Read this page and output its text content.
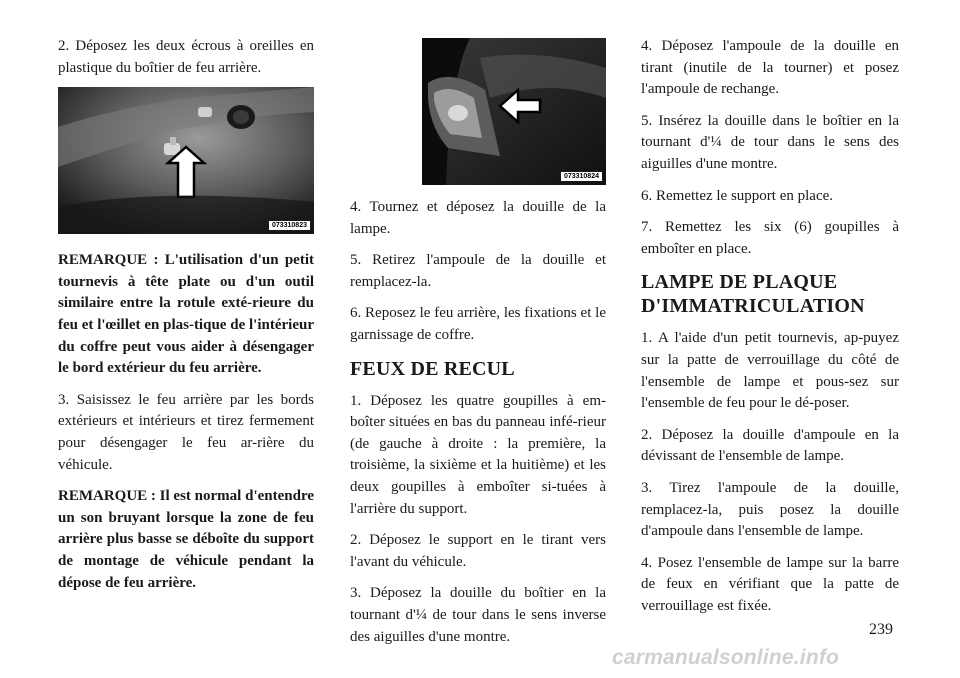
2. Déposez les deux écrous à oreilles en plastique du boîtier de feu arrière.

073310823

REMARQUE : L'utilisation d'un petit tournevis à tête plate ou d'un outil similaire entre la rotule exté-rieure du feu et l'œillet en plas-tique de l'intérieur du coffre peut vous aider à désengager le bord extérieur du feu arrière.

3. Saisissez le feu arrière par les bords extérieurs et intérieurs et tirez fermement pour désengager le feu ar-rière du véhicule.

REMARQUE : Il est normal d'entendre un son bruyant lorsque la zone de feu arrière plus basse se déboîte du support de montage de véhicule pendant la dépose de feu arrière.

073310824

4. Tournez et déposez la douille de la lampe.

5. Retirez l'ampoule de la douille et remplacez-la.

6. Reposez le feu arrière, les fixations et le garnissage de coffre.

FEUX DE RECUL

1. Déposez les quatre goupilles à em-boîter situées en bas du panneau infé-rieur (de gauche à droite : la première, la troisième, la sixième et la huitième) et les deux goupilles à emboîter si-tuées à l'arrière du support.

2. Déposez le support en le tirant vers l'avant du véhicule.

3. Déposez la douille du boîtier en la tournant d'¼ de tour dans le sens inverse des aiguilles d'une montre.

4. Déposez l'ampoule de la douille en tirant (inutile de la tourner) et posez l'ampoule de rechange.

5. Insérez la douille dans le boîtier en la tournant d'¼ de tour dans le sens des aiguilles d'une montre.

6. Remettez le support en place.

7. Remettez les six (6) goupilles à emboîter en place.

LAMPE DE PLAQUE D'IMMATRICULATION

1. A l'aide d'un petit tournevis, ap-puyez sur la patte de verrouillage du côté de l'ensemble de lampe et pous-sez sur l'ensemble de feu pour le dé-poser.

2. Déposez la douille d'ampoule en la dévissant de l'ensemble de lampe.

3. Tirez l'ampoule de la douille, remplacez-la, puis posez la douille d'ampoule dans l'ensemble de lampe.

4. Posez l'ensemble de lampe sur la barre de feux en vérifiant que la patte de verrouillage est fixée.

239
carmanualsonline.info
